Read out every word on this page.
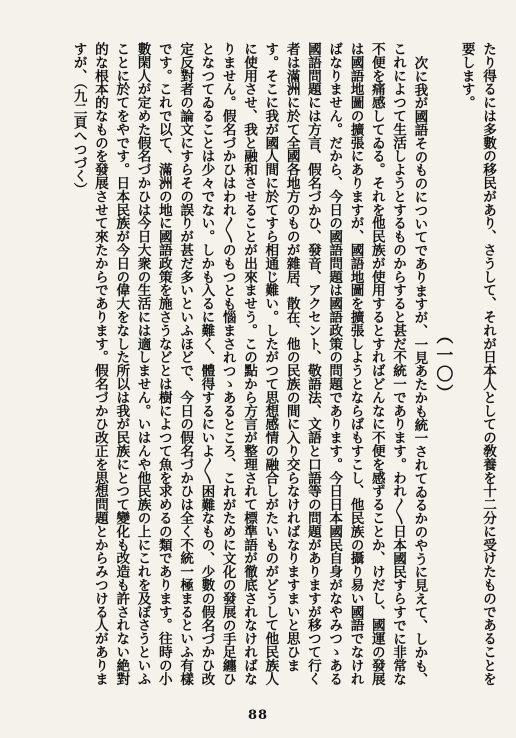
たり得るには多數の移民があり、さうして、それが日本人としての敎養を十二分に受けたものであることを要します。

（一〇）

次に我が國語そのものについてでありますが、一見あたかも統一されてゐるかのやうに見えて、しかも、これによつて生活しようとするものからすると甚だ不統一であります。われ〳〵日本國民すらすでに非常な不便を痛感してゐる。それを他民族が使用するとすればどんなに不便を感ずることか、けだし、國運の發展は國語地圖の擴張にありますが、國語地圖を擴張しようとならばもすこし、他民族の攝り易い國語でなければなりません。だから、今日の國語問題は國語政策の問題であります。今日日本國民自身がなやみつゝある國語問題には方言、假名づかひ、發音、アクセント、敬語法、文語と口語等の問題がありますが移つて行く者は滿洲に於て全國各地方のものが雜居、散在、他の民族の間に入り交らなければなりますまいと思ひます。そこに我が國人間に於てすら相通じ難い。したがつて思想感情の融合しがたいものがどうして他民族人に使用させ、我と融和させることが出來ませう。この點から方言が整理されて標準語が徹底されなければなりません。假名づかひはわれ〳〵のもつとも惱まされつゝあるところ、これがために文化の發展の手足纏ひとなつてゐることは少々でない。しかも入るに難く、體得するにいよ〳〵困難なもの、少數の假名づかひ改定反對者の論文にすらその誤りが甚だ多いといふほどで、今日の假名づかひは全く不統一極まるといふ有樣です。これで以て、滿洲の地に國語政策を施さうなどとは樹によつて魚を求めるの類であります。往時の小數閑人が定めた假名づかひは今日大衆の生活には適しません。いはんや他民族の上にこれを及ぼさうといふことに於てをやです。日本民族が今日の偉大をなした所以は我が民族にとつて變化も改造も許されない絶對的な根本的なものを發展させて來たからであります。假名づかひ改正を思想問題とからみつける人がありますが、（九二頁へつづく）

88
